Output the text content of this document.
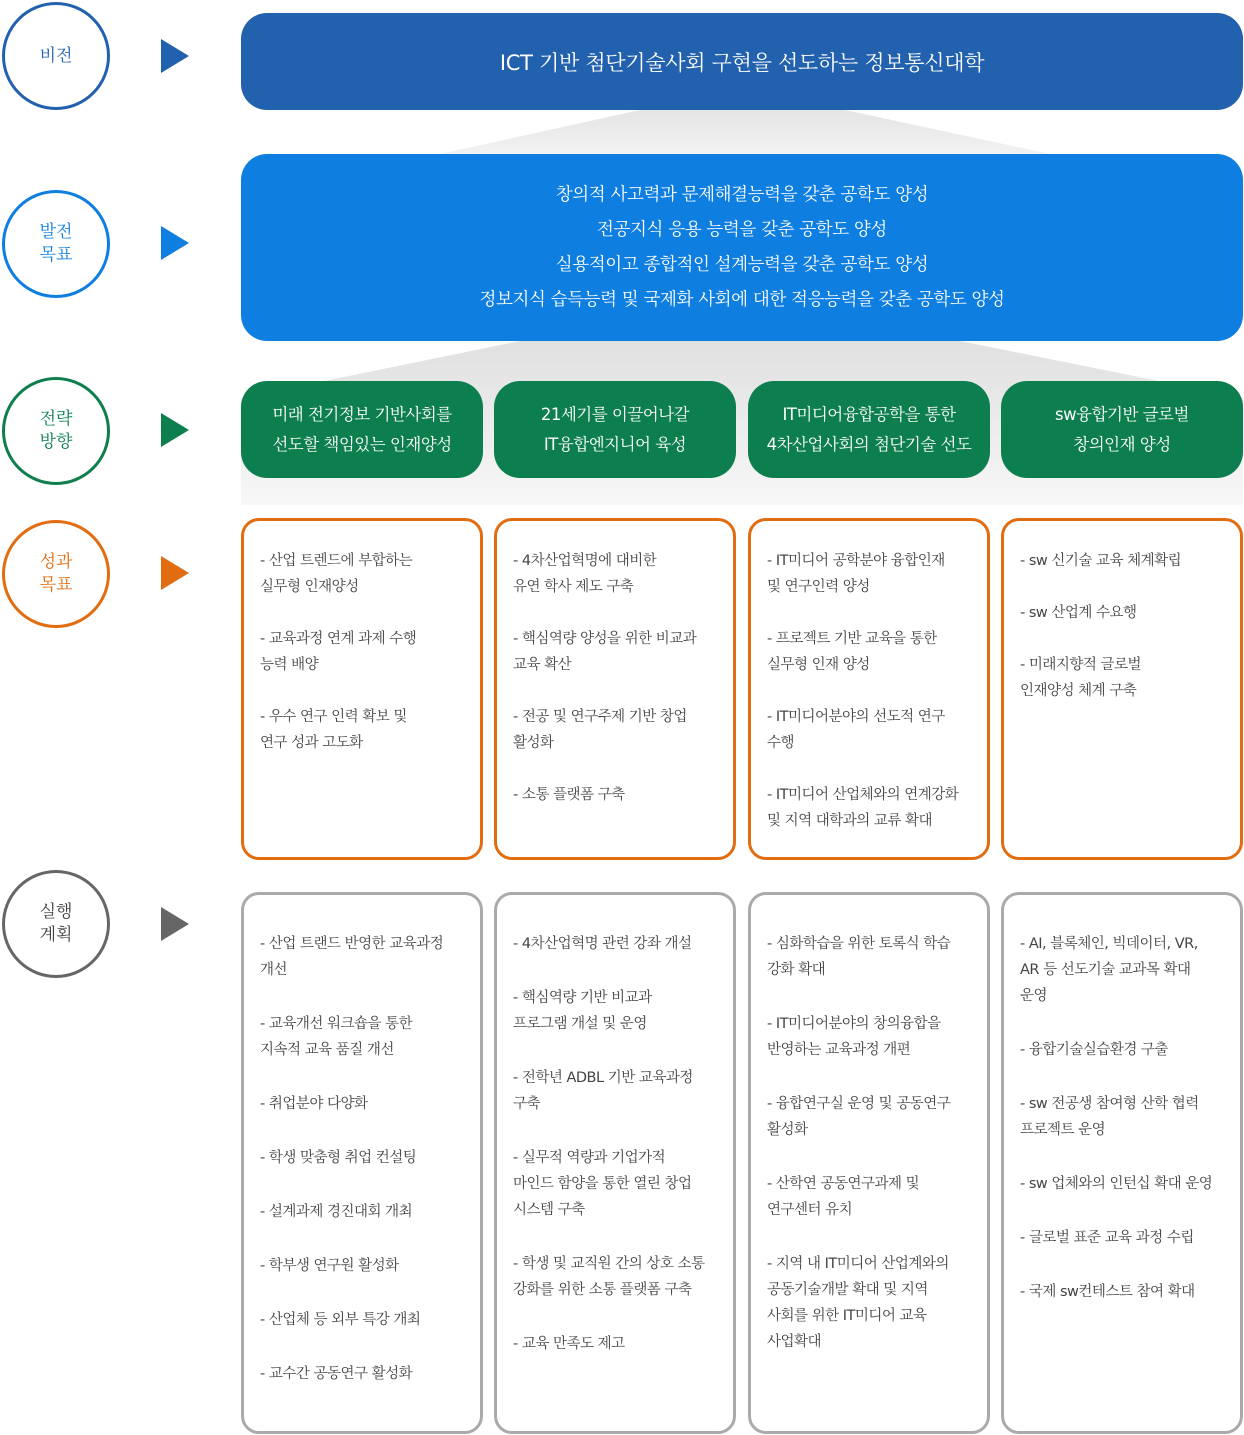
비전
발전
목표
전략
방향
성과
목표
실행
계획
ICT 기반 첨단기술사회 구현을 선도하는 정보통신대학
창의적 사고력과 문제해결능력을 갖춘 공학도 양성
전공지식 응용 능력을 갖춘 공학도 양성
실용적이고 종합적인 설계능력을 갖춘 공학도 양성
정보지식 습득능력 및 국제화 사회에 대한 적응능력을 갖춘 공학도 양성
미래 전기정보 기반사회를
선도할 책임있는 인재양성
21세기를 이끌어나갈
IT융합엔지니어 육성
IT미디어융합공학을 통한
4차산업사회의 첨단기술 선도
sw융합기반 글로벌
창의인재 양성
- 산업 트렌드에 부합하는
실무형 인재양성
- 교육과정 연계 과제 수행
능력 배양
- 우수 연구 인력 확보 및
연구 성과 고도화
- 4차산업혁명에 대비한
유연 학사 제도 구축
- 핵심역량 양성을 위한 비교과
교육 확산
- 전공 및 연구주제 기반 창업
활성화
- 소통 플랫폼 구축
- IT미디어 공학분야 융합인재
및 연구인력 양성
- 프로젝트 기반 교육을 통한
실무형 인재 양성
- IT미디어분야의 선도적 연구
수행
- IT미디어 산업체와의 연계강화
및 지역 대학과의 교류 확대
- sw 신기술 교육 체계확립
- sw 산업계 수요행
- 미래지향적 글로벌
인재양성 체계 구축
- 산업 트랜드 반영한 교육과정
개선
- 교육개선 워크숍을 통한
지속적 교육 품질 개선
- 취업분야 다양화
- 학생 맞춤형 취업 컨설팅
- 설계과제 경진대회 개최
- 학부생 연구원 활성화
- 산업체 등 외부 특강 개최
- 교수간 공동연구 활성화
- 4차산업혁명 관련 강좌 개설
- 핵심역량 기반 비교과
프로그램 개설 및 운영
- 전학년 ADBL 기반 교육과정
구축
- 실무적 역량과 기업가적
마인드 함양을 통한 열린 창업
시스템 구축
- 학생 및 교직원 간의 상호 소통
강화를 위한 소통 플랫폼 구축
- 교육 만족도 제고
- 심화학습을 위한 토록식 학습
강화 확대
- IT미디어분야의 창의융합을
반영하는 교육과정 개편
- 융합연구실 운영 및 공동연구
활성화
- 산학연 공동연구과제 및
연구센터 유치
- 지역 내 IT미디어 산업계와의
공동기술개발 확대 및 지역
사회를 위한 IT미디어 교육
사업확대
- AI, 블록체인, 빅데이터, VR,
AR 등 선도기술 교과목 확대
운영
- 융합기술실습환경 구출
- sw 전공생 참여형 산학 협력
프로젝트 운영
- sw 업체와의 인턴십 확대 운영
- 글로벌 표준 교육 과정 수립
- 국제 sw컨테스트 참여 확대
